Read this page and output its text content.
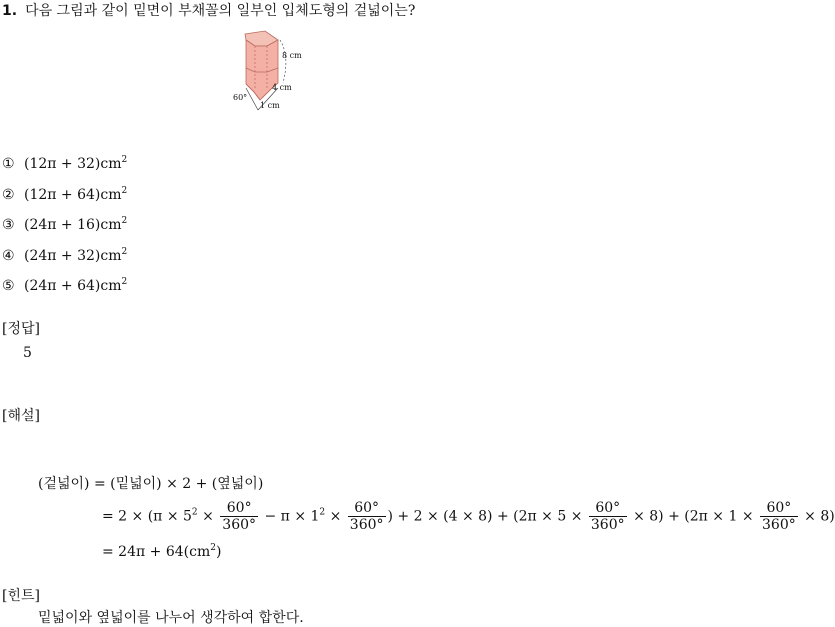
1. 다음 그림과 같이 밑면이 부채꼴의 일부인 입체도형의 겉넓이는?
8 cm
4 cm
1 cm
60°
① $(12\pi + 32)cm^2$
② $(12\pi + 64)cm^2$
③ $(24\pi + 16)cm^2$
④ $(24\pi + 32)cm^2$
⑤ $(24\pi + 64)cm^2$
[정답]
5
[해설]
(겉넓이) = (밑넓이) × 2 + (옆넓이)
= $2 \times (\pi \times 5^2 \times \frac{60^\circ}{360^\circ} - \pi \times 1^2 \times \frac{60^\circ}{360^\circ}$ ) + $2 \times (4 \times 8) + (2\pi \times 5 \times \frac{60^\circ}{360^\circ} \times 8) + (2\pi \times 1 \times \frac{60^\circ}{360^\circ} \times 8)$
= $24\pi + 64(cm^2)$
[힌트]
밑넓이와 옆넓이를 나누어 생각하여 합한다.
